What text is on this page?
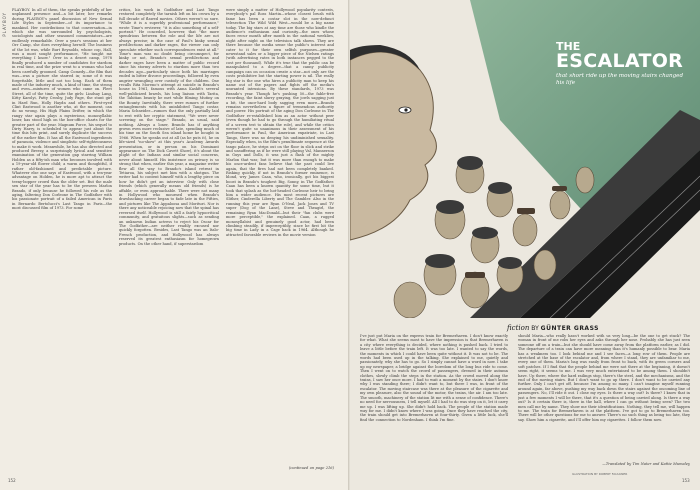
PLAYBOY
PLAYBOY. In all of them, the speaks pridefully of her unplanned presence and—a bit later, her remarks during PLAYBOY's panel discussion of New Sexual Life Styles in September—of its importance to mankind. Her contributions to that conversation—in which she was surrounded by psychologists, sociologists and other seasoned commentators—are endlessly remarkable. Over a year's sessions at her Orr Camp, she does everything herself. The business of the lot was, while Burt Reynolds, whose cop, Hall, was a most sought performance, "He taught me everything I know." Over in a desert camp, 1978 finally produced a number of candidates for stardom in real time, and the prize went to a woman who had been carefully groomed. Camp Comedy—the film that was—was a picture she starred in; some of it was forgettable, little and not too long. Each of them made of the industry much, a kind of time, the strong and even—mixtures of women who came on. Fleet Street, all of the time, quite the girls: Lindsay Lang, Kitty Karolyi, Patty Crosby, Judy Page, the stunt girl in Hard Run, Holly Haydn and others. First-eyed Clint Eastwood is another who, at the moment, can do no wrong. His High Plains Drifter, in which the rangy star again plays a mysterious, monosyllabic loner, has stood high on the box-office charts for the greater part of the year. Magnum Force, his sequel to Dirty Harry, is scheduled to appear just about the time this hits print, and surely duplicate the success of the earlier film. It has all the Eastwood ingredients of paranoia, violence and simplistic self-righteousness to make it work. Meanwhile, he has also directed and produced Breezy, a surprisingly lyrical and sensitive examination of the generation gap starring William Holden as a fifty-ish man who becomes involved with a 19-year-old flower child; a warm and thoughtful, if rather old-fashioned and predictable picture. Whatever else one says of Eastwood, with a ten-year advantage on Holden, he is more apt to attract the teeny-bopper crowd than the older set. But the male sex star of the year has to be the preseen Marlon Brando, if only because he followed his role as the aging, faltering Don Corleone in The Godfather with his passionate portrait of a failed American in Paris in Bernardo Bertolucci's Last Tango in Paris—the most discussed film of 1973. For some
critics, his work in Godfather and Last Tango restored completely the tarnish left on his crown by a full decade of flawed movies. Others weren't so sure. "While it is a superbly professional performance," wrote Time's reviewer, "it is also something of a self-portrait." He conceded, however, that "the more spendrious between the role and the life are not always precise; in the case of Paul's kinky sexual predilections and darker rages, the viewer can only speculate whether such correspondences exist at all." Time's man was no doubt being circumspect, for kinky or not, Brando's sexual predilections and darker rages have been a matter of public record since his stormy adverts to stardom more than two decades ago—particularly since both his marriages ended in bitter divorce proceedings, followed by even angrier wrangling over custody of the children. One recalls Rita Moreno's attempt at suicide in Brando's house in 1961, famous with Anna Kashfi's several well-publicized brawls, his long liaison with Tarita, the Tahitian beauty he met while filming Mutiny on the Bounty. Inevitably, there were rumors of further entanglements with his uninhibited Tango costar, Maria Schneider—rumors that the only partially laid to rest with her cryptic statement, "We were never screwing on the stage." Brando, as usual, said nothing. Always a loner, Brando has if anything grown even more reclusive of late, spending much of his time on the South Sea island home he bought in 1966. When he speaks out at all (as he puts it), he on life-sized "no-show" at this year's Academy Awards presentation, or in person on his Dominant appearance on The Dick Cavett Show), it's about the plight of the Indians and similar social concerns, never about himself. His insistence on privacy is so strong that when, earlier this year, a magazine writer flew all the way to Brando's island retreat in Tetiaroa, his subject met him with a shotgun. The writer had to content himself with a lengthy piece on how he didn't get an interview. Only with close friends (which generally means old friends) is he affable, or even approachable. There were not many in Hollywood who mourned when Brando's drawbacking career began to fade late in the Fifties, and pictures like The Appaloosa and Morituri. Nor is there any noticeable rejoicing now that the spinal has reversed itself. Hollywood is still a fairly hypocritical community, and gratuitous slights—such as sending an unknown Indian actress to reject his Oscar for The Godfather—are neither readily excused nor quickly forgotten. Besides, Last Tango was an Italo-French production, and Hollywood has always reserved its greatest enthusiasm for homegrown products. On the other hand, if superstardom
were simply a matter of Hollywood popularity contests, everybody's pal Ross Martin—whose closest brush with fame has been a costar slot in the now-defunct telesection The Wild Wild West—would be a big name today. The big stars at any time are those who kindle the audience's enthusiasm and curiosity—the ones whose faces recur month after month in the national weeklies, night after night on the television talk shows. They are there because the media sense the public's interest and cater to it for their own selfish purposes—greater newsstand sales or a bigger piece of the Nielsen ratings (with advertising rates in both instances pegged to the cost per thousand). While it's true that the public can be manipulated to a degree—that a canny publicity campaign can on occasion create a star—not only are the costs prohibitive but the starting power is nil. The really big star is the one who hires a publicity man to keep his name out of the papers and fights off the media's unwanted intrusions. By these standards, 1973 was Brando's year. Though he's pushing 50—the fable-free recording, the faint slurry graying, the jowls sagging just a bit, the once-hard body sagging even more—Brando remains nevertheless a figure of tremendous authority and power. His portrait of the aging Don Corleone in The Godfather re-established him as an actor without peer (even though he had to go through the humiliating ritual of a screen test to obtain the role), and while the critics weren't quite so unanimous in their assessment of his performance in Paul, the American expatriate, in Last Tango, there was no denying his undiminished sexuality. Especially when, in the film's penultimate sequence at the tango palace, he strips out on the floor in slick and strike and unsuffering as if he were still playing Val, Mannerson in Guys and Dolls, it was just a flash of the mighty Marlon that was; but it was more than enough to make his once-ardent fans believe that the past could live again, that the fires had not been completely banked. Risking quickly, if not in Brando's former eminence, is blond, wry James Caan, who, ironically, got his biggest boost in Brando's toughest Big, Sonny, in The Godfather. Caan has been a known quantity for some time, but it took that splash as the hot-headed Corleone heir to bring him a wider audience. His most recent pictures are Slither, Cinderella Liberty and The Gambler. Also in the running this year are Ryan O'Neal, Jack Jones and TV super (Dog of the Lane), Steve and Theagirl, the remaining Ryan MacDonald—but their "fan clubs were more perceptible," the explained. Caan, a rugged monosyllabist and genuinely good actor, had been climbing steadily, if imperceptibly, since he first hit the big time in Lady in a Cage back in 1964. Although he attracted favorable reviews in the movie version
(continued on page 216)
152
THE
ESCALATOR
that short ride up the moving stairs changed his life
fiction BY GÜNTER GRASS
I've just put Maria on the express train for Bremerhaven. I don't know exactly for what. What she seems most to have the impression is that Bremerhaven is a city where everything is decided, where nothing is pushed back. I tried to leave a little before the train left. It was too late. I wanted to say the words, the moments in which I could have been quite without it. It was not to be. The words had been used up in the talking. She explained to me, quietly and passionately, why she has to go. So I simply cannot have a word in now. I take up my newspaper, a bridge against the boredom of the long bus ride to come. Then I went on to watch the crowd of passengers, dressed in their autumn clothes, slowly climb the steps in the station. As the crowd moved along the trains, I saw her once more. I had to wait a moment by the stairs. I don't know why I was standing there; I didn't want to, but there I was, in front of the escalator. The moving staircase was there at the pleasure of the cigarette and my own pleasure, also the sound of the motor, the trains, the air. I am too late. The smooth, machinery of the station lit me with a sense of confidence. There's no need for nervousness, I tell myself. All I had to do was step on it, let it carry me up. I was lifting up. She didn't hold back. The people of the station made way for me. I didn't know where I was going. Once they have reached the city, the train should get into Bremerhaven at four-thirty. Given a little luck, she'll find the connection to Nordenham. I think I'm fine.
should Maria—who really hasn't worked with us very long—be the one to get stuck? The woman in front of me robs her eyes and asks through her nose. Probably she has just seen someone off on a train—but she should have come away from the platform earlier, as I did. The departure of a train can have more meaning than it's humanly possible to bear. Maria has a weakness too. I look behind me and I see faces—a long row of them. People are stretched at the base of the escalator and, from where I stand, they are unfamiliar to me, every one of them. Maria's bag was easily from front to back, with its green corners and soft patches. If I find that the people behind me were not there at the beginning, it doesn't seem right, it seems to me. I was very much entertained to be among them. I shouldn't have. Up there, where the hard railings stop, there's the steel, and the mechanisms, and the end of the moving stairs. But I don't want to go up there. I don't want to be carried any further. Only I can't get off, because I'm among so many. I can't imagine myself running around again, far above, pushing my way back down the stairs against the oncoming line of passengers. No, I'll ride it out. I close my eyes. Is there a way out? Is there? I know that in just a few moments I will be there, that it's a question of being carried along. Is there a way out? Is it certain there is, there in the hall, where I can go without being seen? The two men call me by name. They show me their identifications. Nothing, they tell me, will happen to me. The train for Bremerhaven is at the platform. I've got to go to Bremerhaven too. There will be other questions for me to answer. There's no such thing as being too late, they say. Show him a cigarette, and I'll offer him my cigarettes. I follow them now.
—Translated by Tim Nater and Kattie Mumaley
ILLUSTRATION BY ROBERT FAULKNER
153
